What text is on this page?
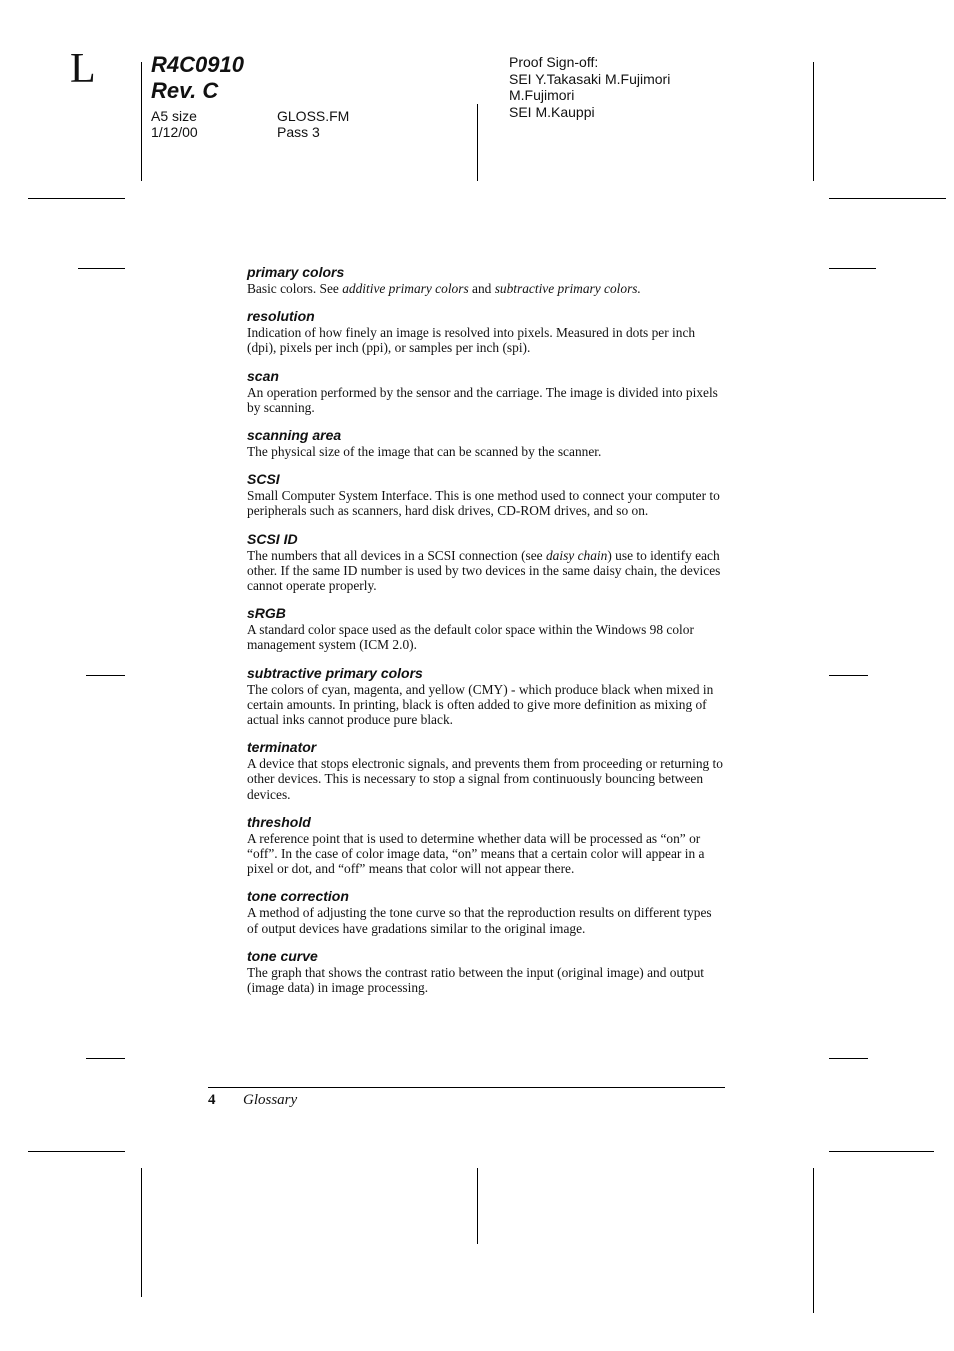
L	R4C0910
Rev. C
A5 size
1/12/00
GLOSS.FM
Pass 3
Proof Sign-off:
SEI Y.Takasaki M.Fujimori
M.Fujimori
SEI M.Kauppi
primary colors
Basic colors. See additive primary colors and subtractive primary colors.
resolution
Indication of how finely an image is resolved into pixels. Measured in dots per inch (dpi), pixels per inch (ppi), or samples per inch (spi).
scan
An operation performed by the sensor and the carriage. The image is divided into pixels by scanning.
scanning area
The physical size of the image that can be scanned by the scanner.
SCSI
Small Computer System Interface. This is one method used to connect your computer to peripherals such as scanners, hard disk drives, CD-ROM drives, and so on.
SCSI ID
The numbers that all devices in a SCSI connection (see daisy chain) use to identify each other. If the same ID number is used by two devices in the same daisy chain, the devices cannot operate properly.
sRGB
A standard color space used as the default color space within the Windows 98 color management system (ICM 2.0).
subtractive primary colors
The colors of cyan, magenta, and yellow (CMY) - which produce black when mixed in certain amounts. In printing, black is often added to give more definition as mixing of actual inks cannot produce pure black.
terminator
A device that stops electronic signals, and prevents them from proceeding or returning to other devices. This is necessary to stop a signal from continuously bouncing between devices.
threshold
A reference point that is used to determine whether data will be processed as “on” or “off”. In the case of color image data, “on” means that a certain color will appear in a pixel or dot, and “off” means that color will not appear there.
tone correction
A method of adjusting the tone curve so that the reproduction results on different types of output devices have gradations similar to the original image.
tone curve
The graph that shows the contrast ratio between the input (original image) and output (image data) in image processing.
4 Glossary
